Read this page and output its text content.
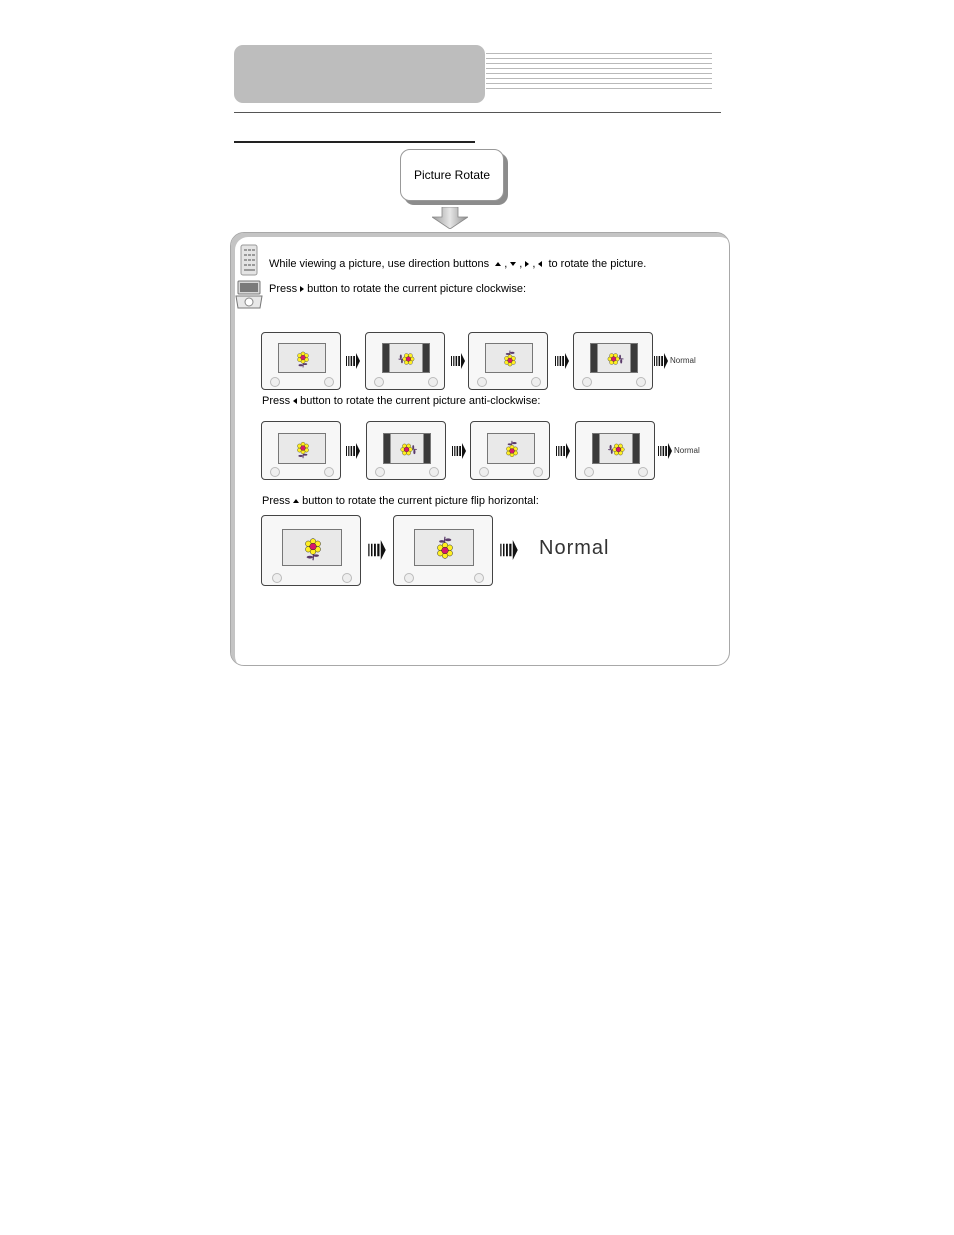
Picture Rotate
While viewing a picture, use direction buttons , , , to rotate the picture.
Press button to rotate the current picture clockwise:
Press button to rotate the current picture anti-clockwise:
Press button to rotate the current picture flip horizontal:
Normal
Normal
Normal
